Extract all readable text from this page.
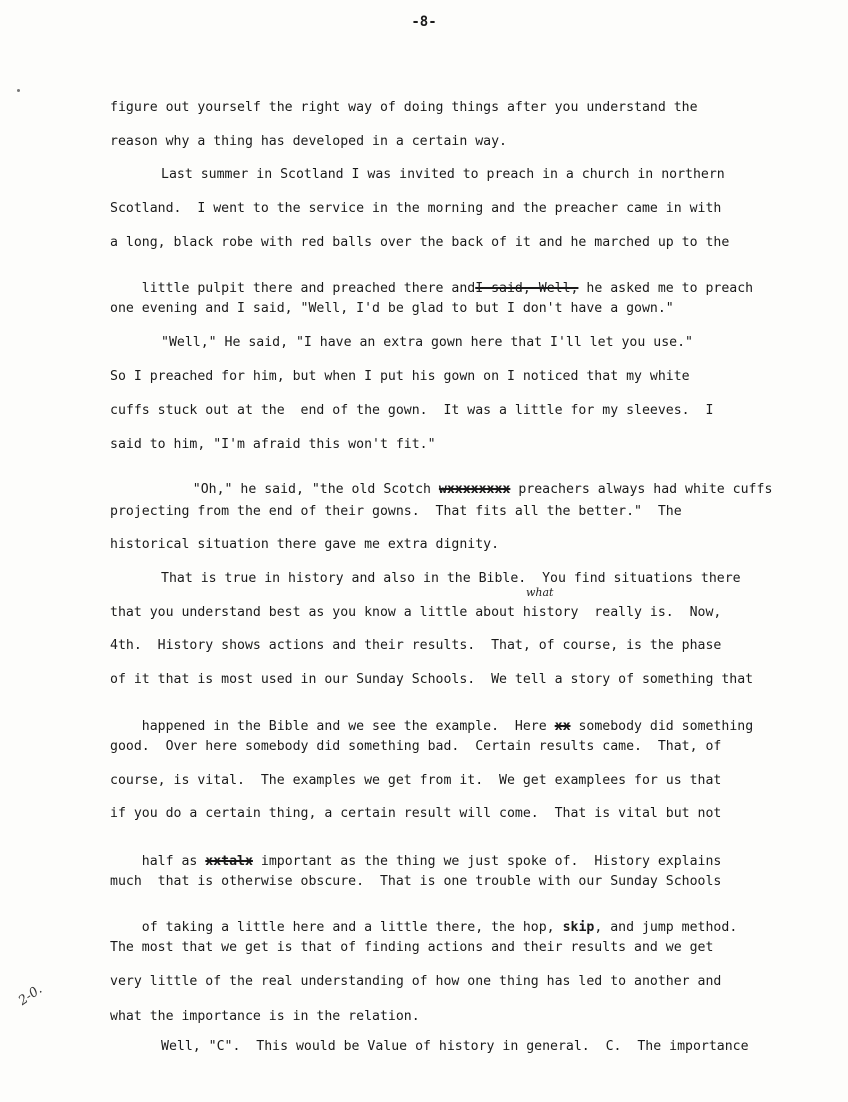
-8-
figure out yourself the right way of doing things after you understand the
reason why a thing has developed in a certain way.
Last summer in Scotland I was invited to preach in a church in northern
Scotland.  I went to the service in the morning and the preacher came in with
a long, black robe with red balls over the back of it and he marched up to the

little pulpit there and preached there andI said, Well, he asked me to preach

one evening and I said, "Well, I'd be glad to but I don't have a gown."
"Well," He said, "I have an extra gown here that I'll let you use."
So I preached for him, but when I put his gown on I noticed that my white
cuffs stuck out at the  end of the gown.  It was a little for my sleeves.  I
said to him, "I'm afraid this won't fit."

"Oh," he said, "the old Scotch wxxxxxxxx preachers always had white cuffs

projecting from the end of their gowns.  That fits all the better."  The
historical situation there gave me extra dignity.
That is true in history and also in the Bible.  You find situations there
what
that you understand best as you know a little about history  really is.  Now,
4th.  History shows actions and their results.  That, of course, is the phase
of it that is most used in our Sunday Schools.  We tell a story of something that

happened in the Bible and we see the example.  Here xx somebody did something

good.  Over here somebody did something bad.  Certain results came.  That, of
course, is vital.  The examples we get from it.  We get examplees for us that
if you do a certain thing, a certain result will come.  That is vital but not

half as xxtalx important as the thing we just spoke of.  History explains

much  that is otherwise obscure.  That is one trouble with our Sunday Schools

of taking a little here and a little there, the hop, skip, and jump method.

The most that we get is that of finding actions and their results and we get
very little of the real understanding of how one thing has led to another and
what the importance is in the relation.
Well, "C".  This would be Value of history in general.  C.  The importance
2-0.
